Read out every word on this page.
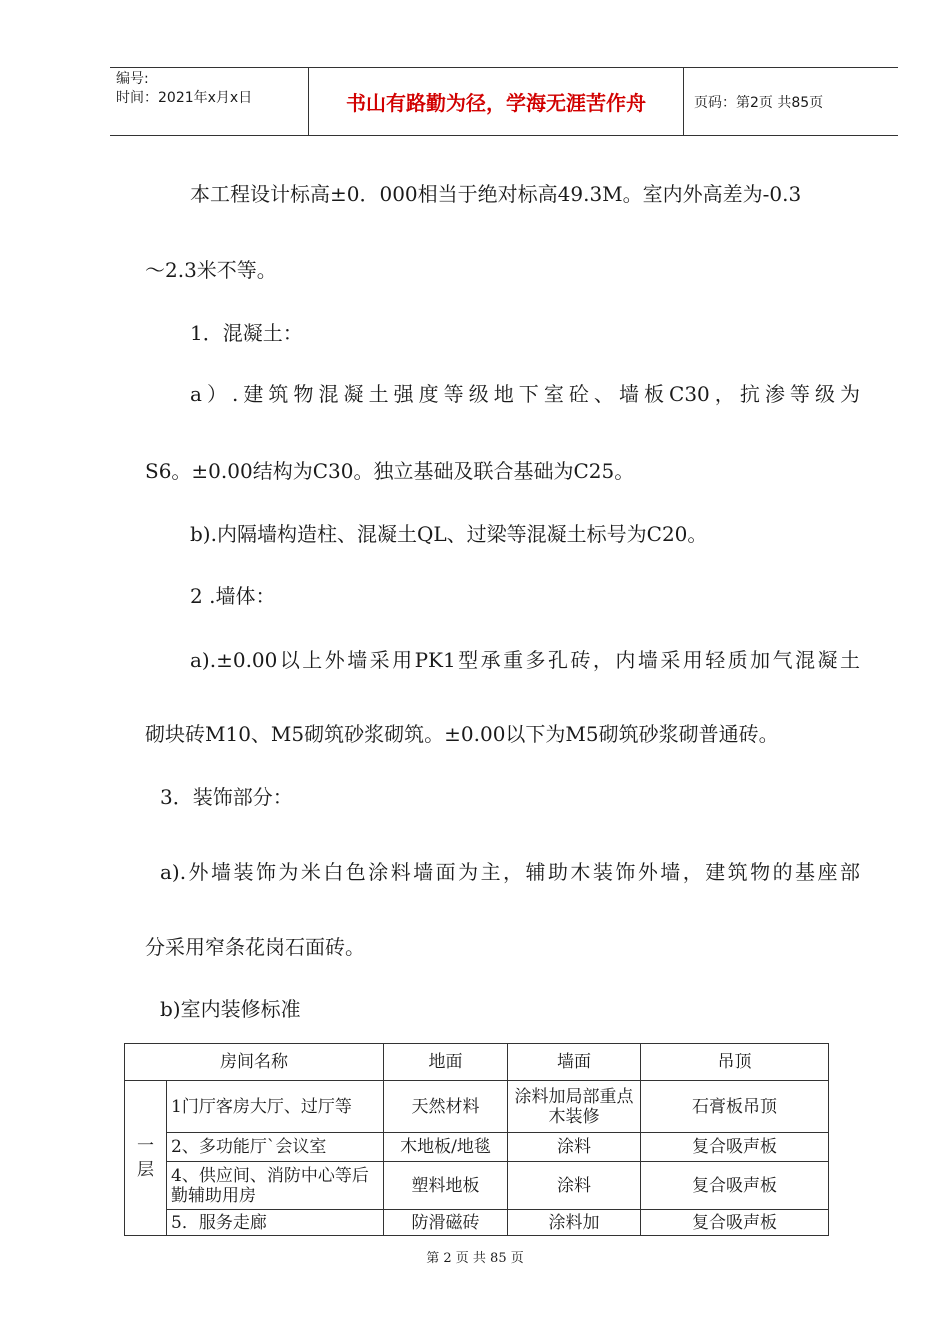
编号:
时间：2021年x月x日	书山有路勤为径，学海无涯苦作舟	页码：第2页 共85页
本工程设计标高±0．000相当于绝对标高49.3M。室内外高差为-0.3
～2.3米不等。
1．混凝土：
a）.建筑物混凝土强度等级地下室砼、墙板C30，抗渗等级为
S6。±0.00结构为C30。独立基础及联合基础为C25。
b).内隔墙构造柱、混凝土QL、过梁等混凝土标号为C20。
2 .墙体：
a).±0.00以上外墙采用PK1型承重多孔砖，内墙采用轻质加气混凝土
砌块砖M10、M5砌筑砂浆砌筑。±0.00以下为M5砌筑砂浆砌普通砖。
3．装饰部分：
a).外墙装饰为米白色涂料墙面为主，辅助木装饰外墙，建筑物的基座部
分采用窄条花岗石面砖。
b)室内装修标准
房间名称		地面	墙面	吊顶
一
层	1门厅客房大厅、过厅等	天然材料	涂料加局部重点木装修	石膏板吊顶
	2、多功能厅`会议室	木地板/地毯	涂料	复合吸声板
	4、供应间、消防中心等后勤辅助用房	塑料地板	涂料	复合吸声板
	5．服务走廊	防滑磁砖	涂料加	复合吸声板
第 2 页 共 85 页
